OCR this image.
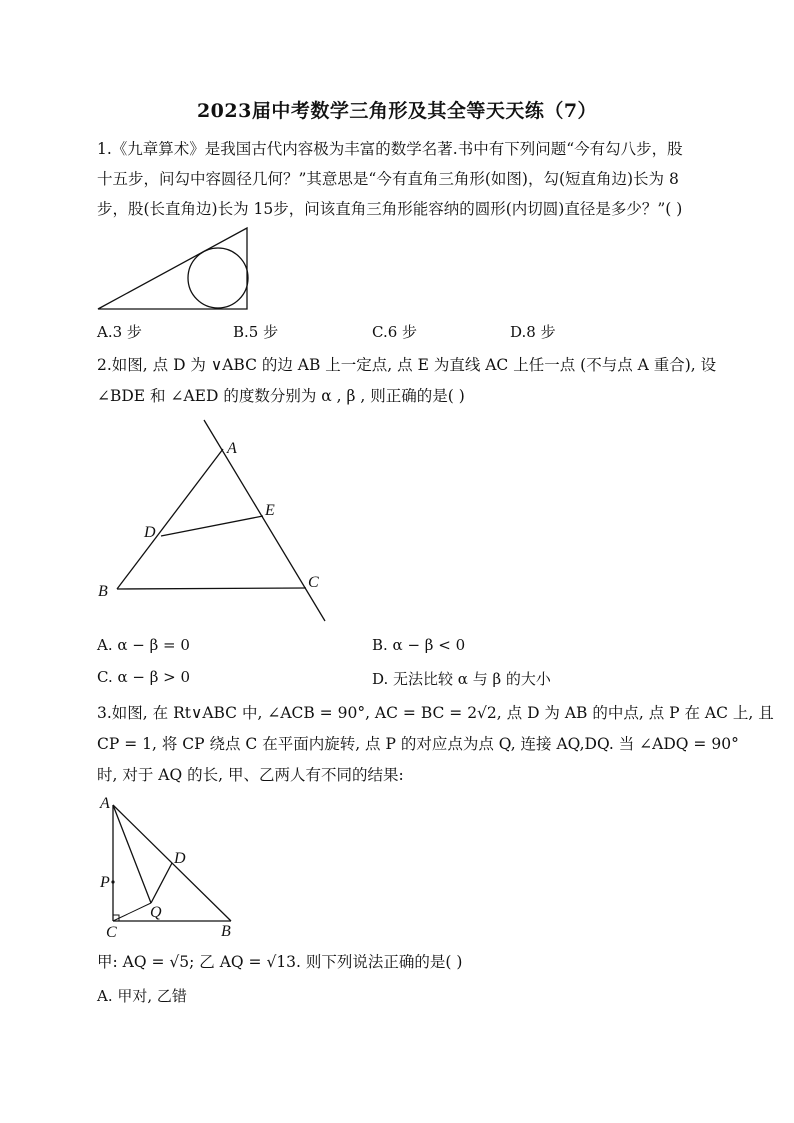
2023届中考数学三角形及其全等天天练（7）
1.《九章算术》是我国古代内容极为丰富的数学名著.书中有下列问题“今有勾八步，股
十五步，问勾中容圆径几何？”其意思是“今有直角三角形(如图)，勾(短直角边)长为 8
步，股(长直角边)长为 15步，问该直角三角形能容纳的圆形(内切圆)直径是多少？”( )
A.3 步	B.5 步	C.6 步	D.8 步
2.如图, 点 D 为 ∨ABC 的边 AB 上一定点, 点 E 为直线 AC 上任一点 (不与点 A 重合), 设
∠BDE 和 ∠AED 的度数分别为 α , β , 则正确的是( )
A
E
D
B
C
A. α − β = 0	B. α − β < 0
C. α − β > 0	D. 无法比较 α 与 β 的大小
3.如图, 在 Rt∨ABC 中, ∠ACB = 90°, AC = BC = 2√2, 点 D 为 AB 的中点, 点 P 在 AC 上, 且
CP = 1, 将 CP 绕点 C 在平面内旋转, 点 P 的对应点为点 Q, 连接 AQ,DQ. 当 ∠ADQ = 90°
时, 对于 AQ 的长, 甲、乙两人有不同的结果:
A
D
P
Q
C	B
甲: AQ = √5; 乙 AQ = √13. 则下列说法正确的是( )
A. 甲对, 乙错
